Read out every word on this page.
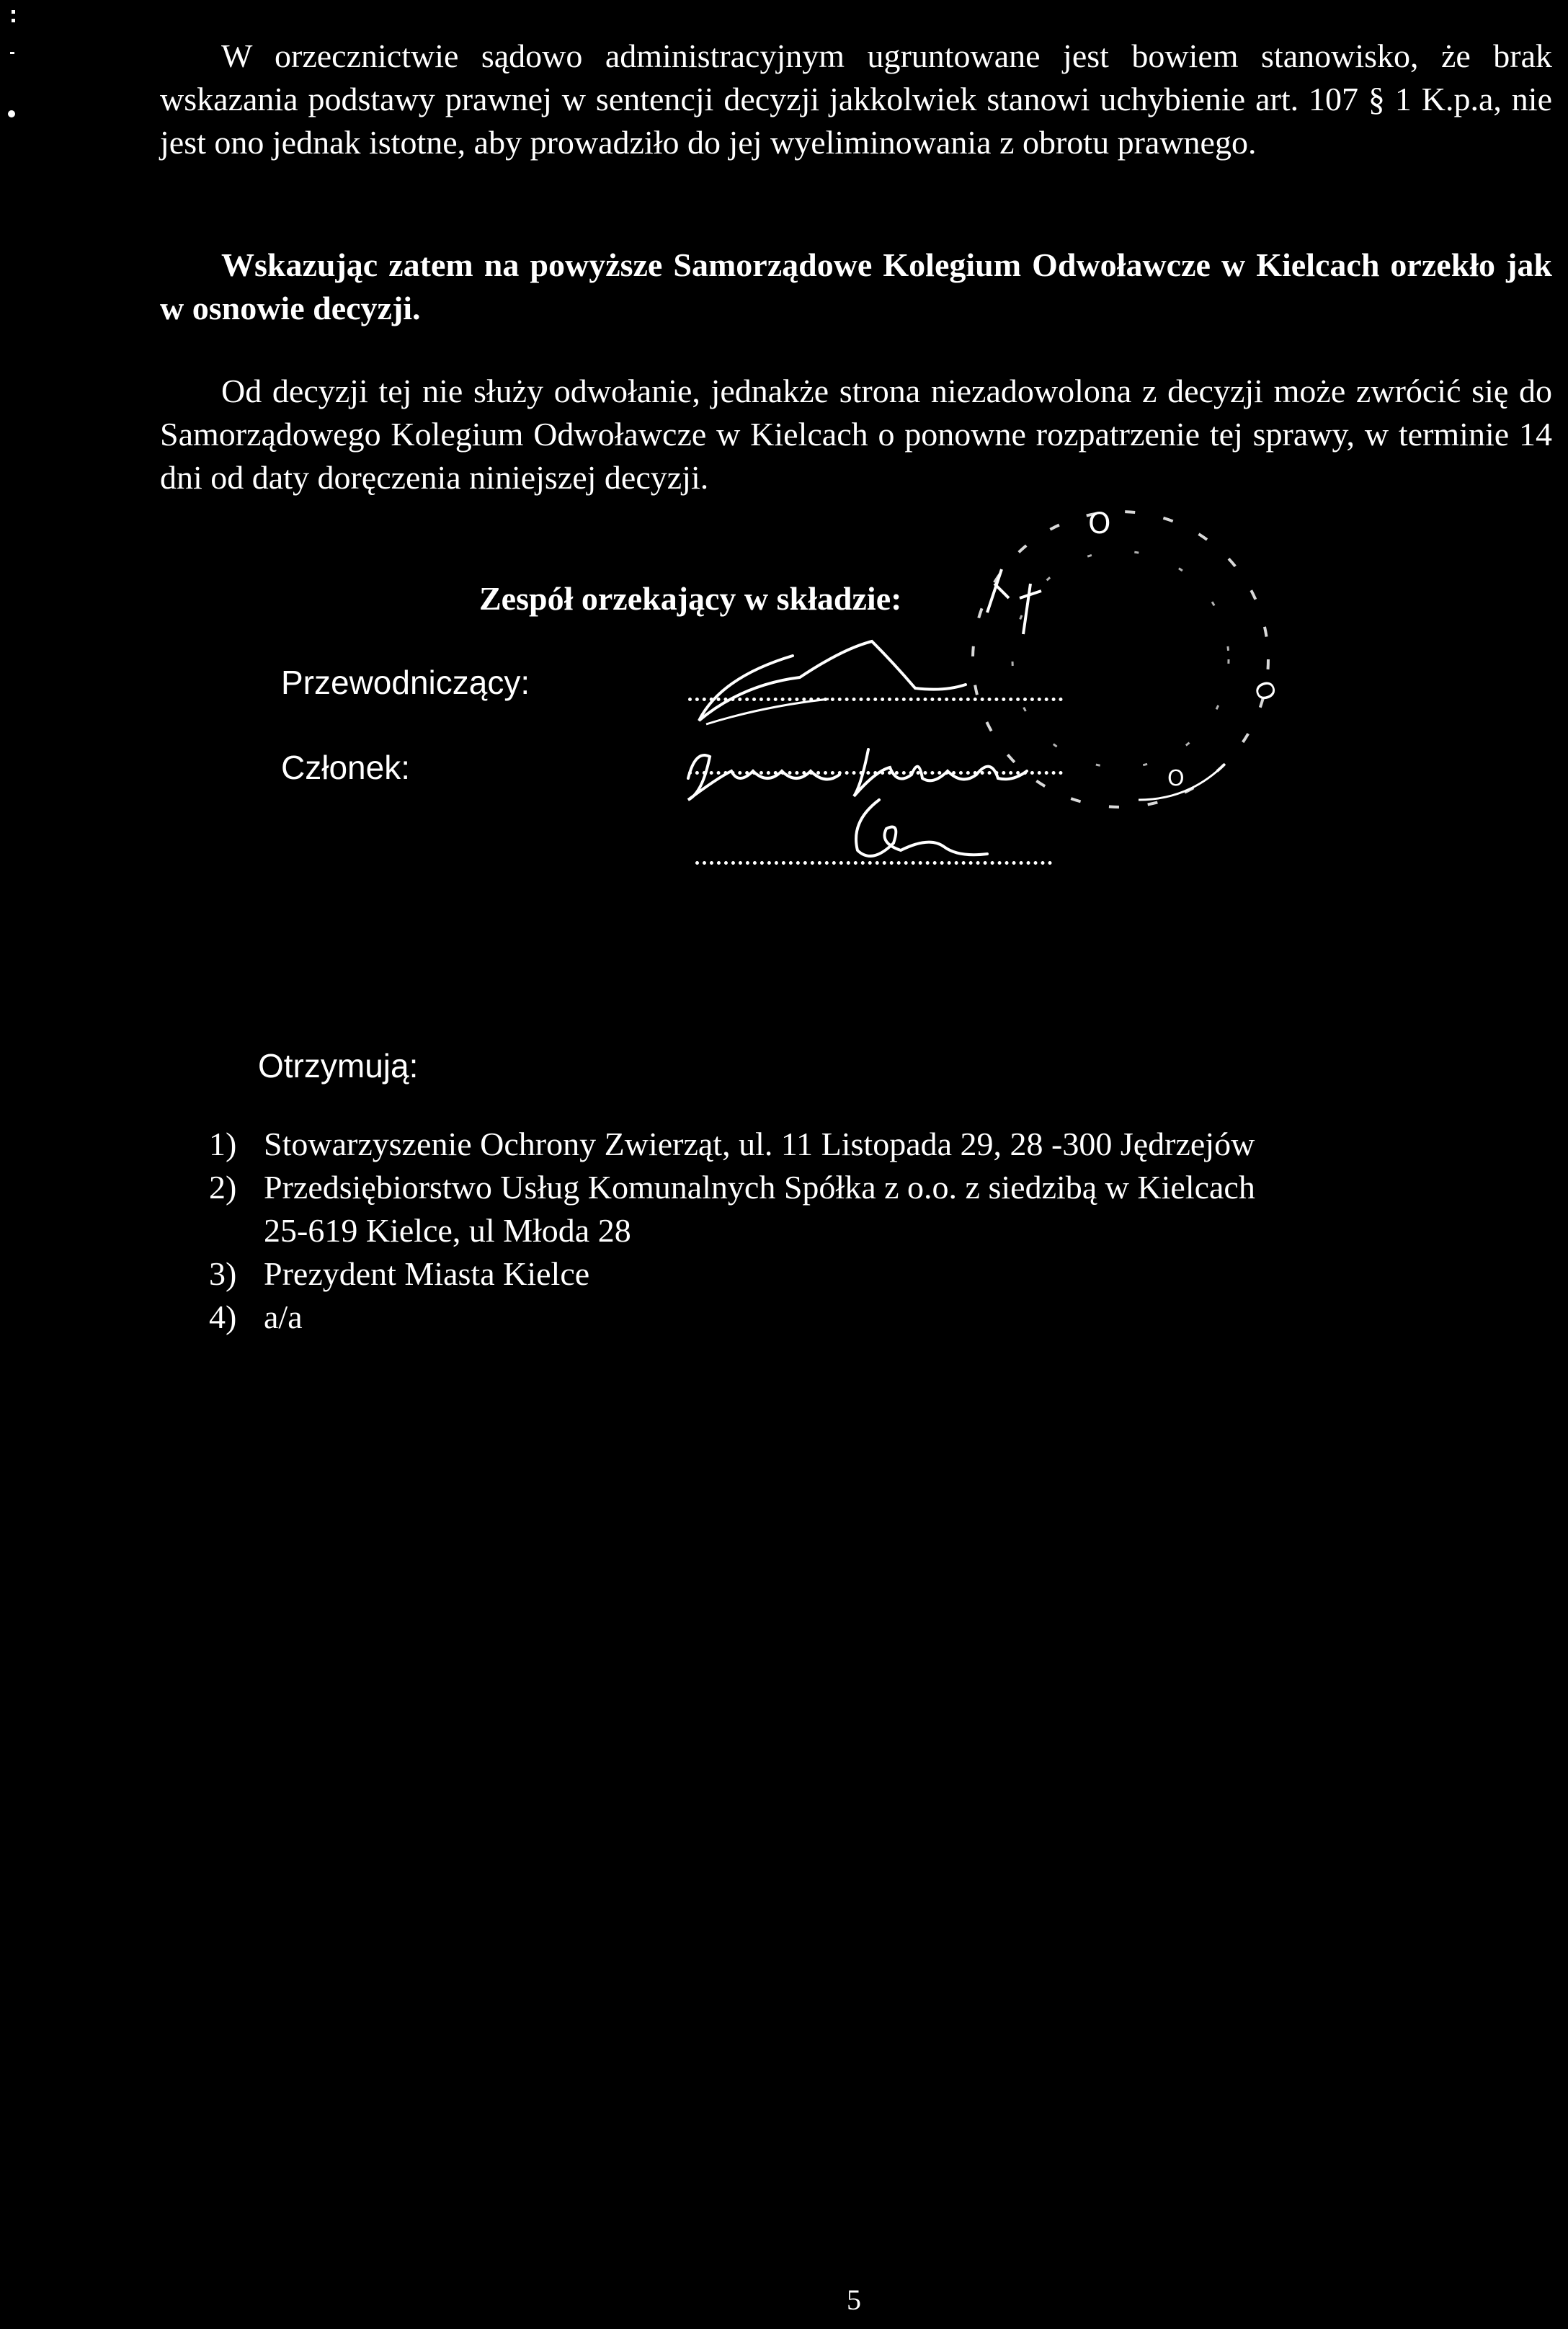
W orzecznictwie sądowo administracyjnym ugruntowane jest bowiem stanowisko, że brak wskazania podstawy prawnej w sentencji decyzji jakkolwiek stanowi uchybienie art. 107 § 1 K.p.a, nie jest ono jednak istotne, aby prowadziło do jej wyeliminowania z obrotu prawnego.

Wskazując zatem na powyższe Samorządowe Kolegium Odwoławcze w Kielcach orzekło jak w osnowie decyzji.

Od decyzji tej nie służy odwołanie, jednakże strona niezadowolona z decyzji może zwrócić się do Samorządowego Kolegium Odwoławcze w Kielcach o ponowne rozpatrzenie tej sprawy, w terminie 14 dni od daty doręczenia niniejszej decyzji.

O
O
O
Zespół orzekający w składzie:
Przewodniczący:
Członek:
Otrzymują:
1) Stowarzyszenie Ochrony Zwierząt, ul. 11 Listopada 29, 28 -300 Jędrzejów
2) Przedsiębiorstwo Usług Komunalnych Spółka z o.o. z siedzibą w Kielcach
25-619 Kielce, ul Młoda 28
3) Prezydent Miasta Kielce
4) a/a
5
